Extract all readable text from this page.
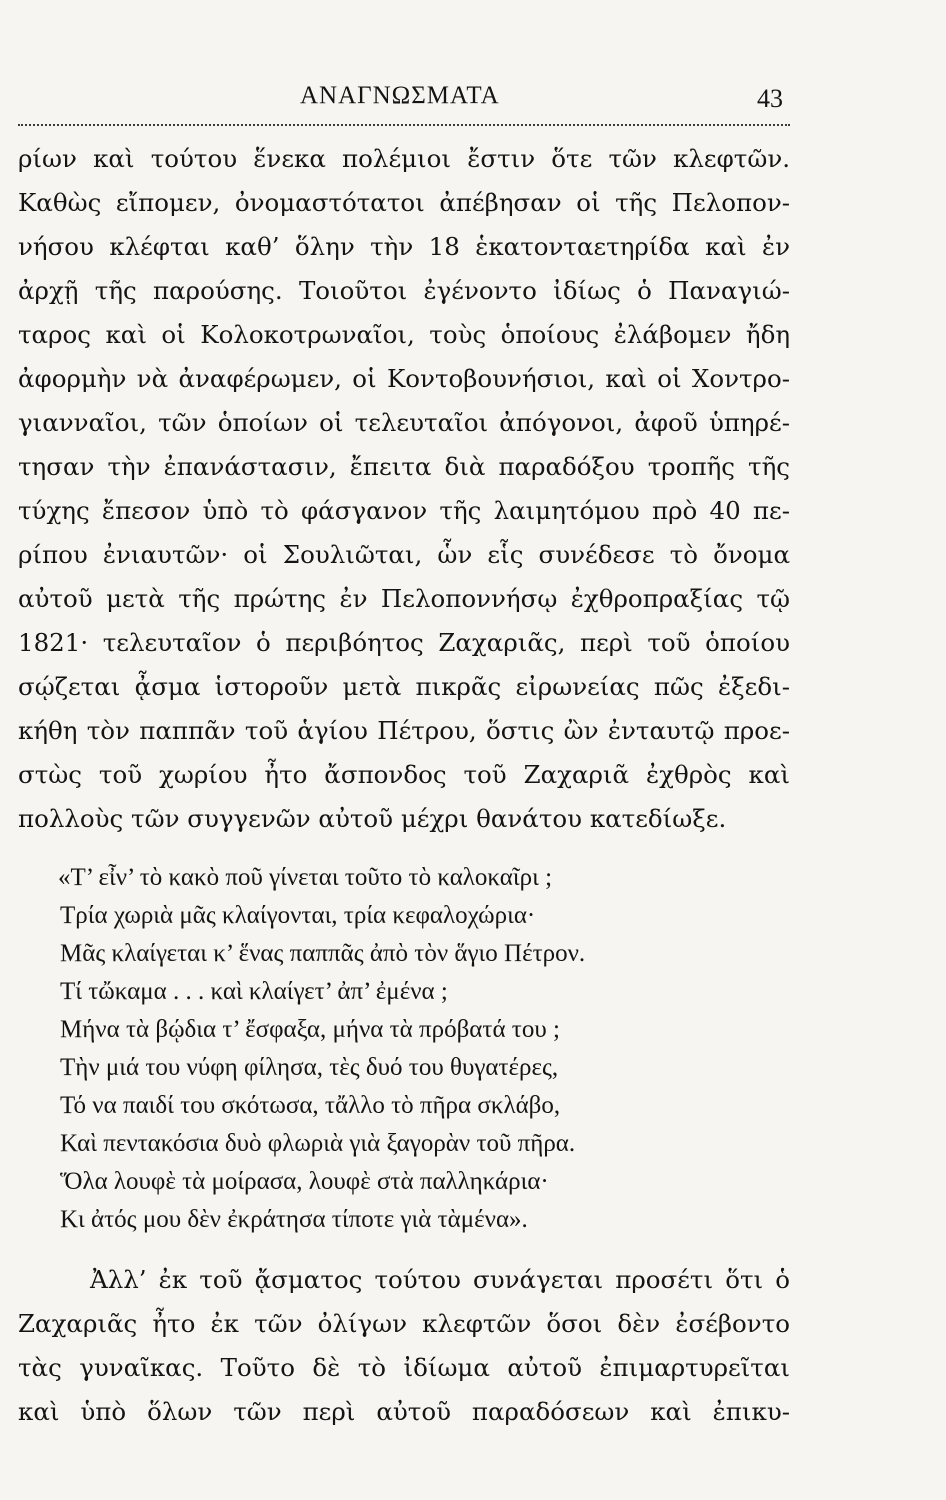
ΑΝΑΓΝΩΣΜΑΤΑ	43
ρίων καὶ τούτου ἕνεκα πολέμιοι ἔστιν ὅτε τῶν κλεφτῶν.
Καθὼς εἴπομεν, ὀνομαστότατοι ἀπέβησαν οἱ τῆς Πελοπον-
νήσου κλέφται καθ’ ὅλην τὴν 18 ἑκατονταετηρίδα καὶ ἐν
ἀρχῇ τῆς παρούσης. Τοιοῦτοι ἐγένοντο ἰδίως ὁ Παναγιώ-
ταρος καὶ οἱ Κολοκοτρωναῖοι, τοὺς ὁποίους ἐλάβομεν ἤδη
ἀφορμὴν νὰ ἀναφέρωμεν, οἱ Κοντοβουνήσιοι, καὶ οἱ Χοντρο-
γιανναῖοι, τῶν ὁποίων οἱ τελευταῖοι ἀπόγονοι, ἀφοῦ ὑπηρέ-
τησαν τὴν ἐπανάστασιν, ἔπειτα διὰ παραδόξου τροπῆς τῆς
τύχης ἔπεσον ὑπὸ τὸ φάσγανον τῆς λαιμητόμου πρὸ 40 πε-
ρίπου ἐνιαυτῶν· οἱ Σουλιῶται, ὧν εἷς συνέδεσε τὸ ὄνομα
αὐτοῦ μετὰ τῆς πρώτης ἐν Πελοποννήσῳ ἐχθροπραξίας τῷ
1821· τελευταῖον ὁ περιβόητος Ζαχαριᾶς, περὶ τοῦ ὁποίου
σῴζεται ᾆσμα ἱστοροῦν μετὰ πικρᾶς εἰρωνείας πῶς ἐξεδι-
κήθη τὸν παππᾶν τοῦ ἁγίου Πέτρου, ὅστις ὢν ἐνταυτῷ προε-
στὼς τοῦ χωρίου ἦτο ἄσπονδος τοῦ Ζαχαριᾶ ἐχθρὸς καὶ
πολλοὺς τῶν συγγενῶν αὐτοῦ μέχρι θανάτου κατεδίωξε.
«Τ’ εἶν’ τὸ κακὸ ποῦ γίνεται τοῦτο τὸ καλοκαῖρι ;
Τρία χωριὰ μᾶς κλαίγονται, τρία κεφαλοχώρια·
Μᾶς κλαίγεται κ’ ἕνας παππᾶς ἀπὸ τὸν ἅγιο Πέτρον.
Τί τὤκαμα . . . καὶ κλαίγετ’ ἀπ’ ἐμένα ;
Μήνα τὰ βῴδια τ’ ἔσφαξα, μήνα τὰ πρόβατά του ;
Τὴν μιά του νύφη φίλησα, τὲς δυό του θυγατέρες,
Τό να παιδί του σκότωσα, τἄλλο τὸ πῆρα σκλάβο,
Καὶ πεντακόσια δυὸ φλωριὰ γιὰ ξαγορὰν τοῦ πῆρα.
Ὅλα λουφὲ τὰ μοίρασα, λουφὲ στὰ παλληκάρια·
Κι ἀτός μου δὲν ἐκράτησα τίποτε γιὰ τὰμένα».
Ἀλλ’ ἐκ τοῦ ᾄσματος τούτου συνάγεται προσέτι ὅτι ὁ
Ζαχαριᾶς ἦτο ἐκ τῶν ὀλίγων κλεφτῶν ὅσοι δὲν ἐσέβοντο
τὰς γυναῖκας. Τοῦτο δὲ τὸ ἰδίωμα αὐτοῦ ἐπιμαρτυρεῖται
καὶ ὑπὸ ὅλων τῶν περὶ αὐτοῦ παραδόσεων καὶ ἐπικυ-
